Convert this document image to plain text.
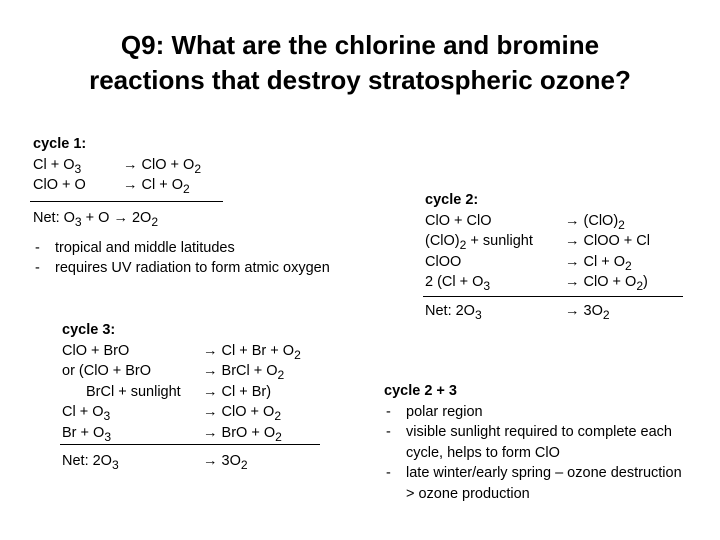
Q9: What are the chlorine and bromine
reactions that destroy stratospheric ozone?
cycle 1:
$Cl + O_3$	→ ClO + $O_2$
ClO + O	→ $Cl + O_2$
Net: $O_3 + O \to 2O_2$
- tropical and middle latitudes
- requires UV radiation to form atmic oxygen
cycle 2:
ClO + ClO	→ $(ClO)_2$
$(ClO)_2$ + sunlight → ClOO + Cl
ClOO	→ $Cl + O_2$
2 ($Cl + O_3$	→ ClO + $O_2$)
Net: $2O_3$	→ $3O_2$
cycle 3:
ClO + BrO	→ $Cl + Br + O_2$
or (ClO + BrO	→ BrCl + $O_2$
BrCl + sunlight → Cl + Br)
$Cl + O_3$	→ ClO + $O_2$
$Br + O_3$	→ BrO + $O_2$
Net: $2O_3$	→ $3O_2$
cycle 2 + 3
- polar region
- visible sunlight required to complete each cycle, helps to form ClO
- late winter/early spring – ozone destruction > ozone production
